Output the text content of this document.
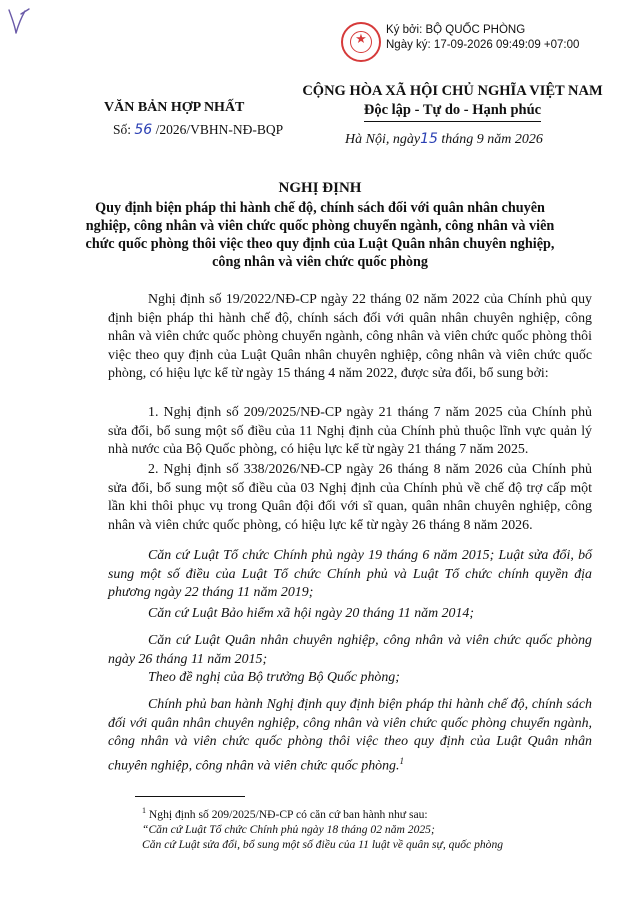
★
Ký bởi: BỘ QUỐC PHÒNG
Ngày ký: 17-09-2026 09:49:09 +07:00
VĂN BẢN HỢP NHẤT
Số: 56 /2026/VBHN-NĐ-BQP
CỘNG HÒA XÃ HỘI CHỦ NGHĨA VIỆT NAM
Độc lập - Tự do - Hạnh phúc
Hà Nội, ngày15 tháng 9 năm 2026
NGHỊ ĐỊNH
Quy định biện pháp thi hành chế độ, chính sách đối với quân nhân chuyên nghiệp, công nhân và viên chức quốc phòng chuyển ngành, công nhân và viên chức quốc phòng thôi việc theo quy định của Luật Quân nhân chuyên nghiệp, công nhân và viên chức quốc phòng

Nghị định số 19/2022/NĐ-CP ngày 22 tháng 02 năm 2022 của Chính phủ quy định biện pháp thi hành chế độ, chính sách đối với quân nhân chuyên nghiệp, công nhân và viên chức quốc phòng chuyển ngành, công nhân và viên chức quốc phòng thôi việc theo quy định của Luật Quân nhân chuyên nghiệp, công nhân và viên chức quốc phòng, có hiệu lực kể từ ngày 15 tháng 4 năm 2022, được sửa đổi, bổ sung bởi:

1. Nghị định số 209/2025/NĐ-CP ngày 21 tháng 7 năm 2025 của Chính phủ sửa đổi, bổ sung một số điều của 11 Nghị định của Chính phủ thuộc lĩnh vực quản lý nhà nước của Bộ Quốc phòng, có hiệu lực kể từ ngày 21 tháng 7 năm 2025.

2. Nghị định số 338/2026/NĐ-CP ngày 26 tháng 8 năm 2026 của Chính phủ sửa đổi, bổ sung một số điều của 03 Nghị định của Chính phủ về chế độ trợ cấp một lần khi thôi phục vụ trong Quân đội đối với sĩ quan, quân nhân chuyên nghiệp, công nhân và viên chức quốc phòng, có hiệu lực kể từ ngày 26 tháng 8 năm 2026.

Căn cứ Luật Tổ chức Chính phủ ngày 19 tháng 6 năm 2015; Luật sửa đổi, bổ sung một số điều của Luật Tổ chức Chính phủ và Luật Tổ chức chính quyền địa phương ngày 22 tháng 11 năm 2019;

Căn cứ Luật Bảo hiểm xã hội ngày 20 tháng 11 năm 2014;

Căn cứ Luật Quân nhân chuyên nghiệp, công nhân và viên chức quốc phòng ngày 26 tháng 11 năm 2015;

Theo đề nghị của Bộ trưởng Bộ Quốc phòng;

Chính phủ ban hành Nghị định quy định biện pháp thi hành chế độ, chính sách đối với quân nhân chuyên nghiệp, công nhân và viên chức quốc phòng chuyển ngành, công nhân và viên chức quốc phòng thôi việc theo quy định của Luật Quân nhân chuyên nghiệp, công nhân và viên chức quốc phòng.$^1$

$^1$ Nghị định số 209/2025/NĐ-CP có căn cứ ban hành như sau:

“Căn cứ Luật Tổ chức Chính phủ ngày 18 tháng 02 năm 2025;

Căn cứ Luật sửa đổi, bổ sung một số điều của 11 luật về quân sự, quốc phòng
